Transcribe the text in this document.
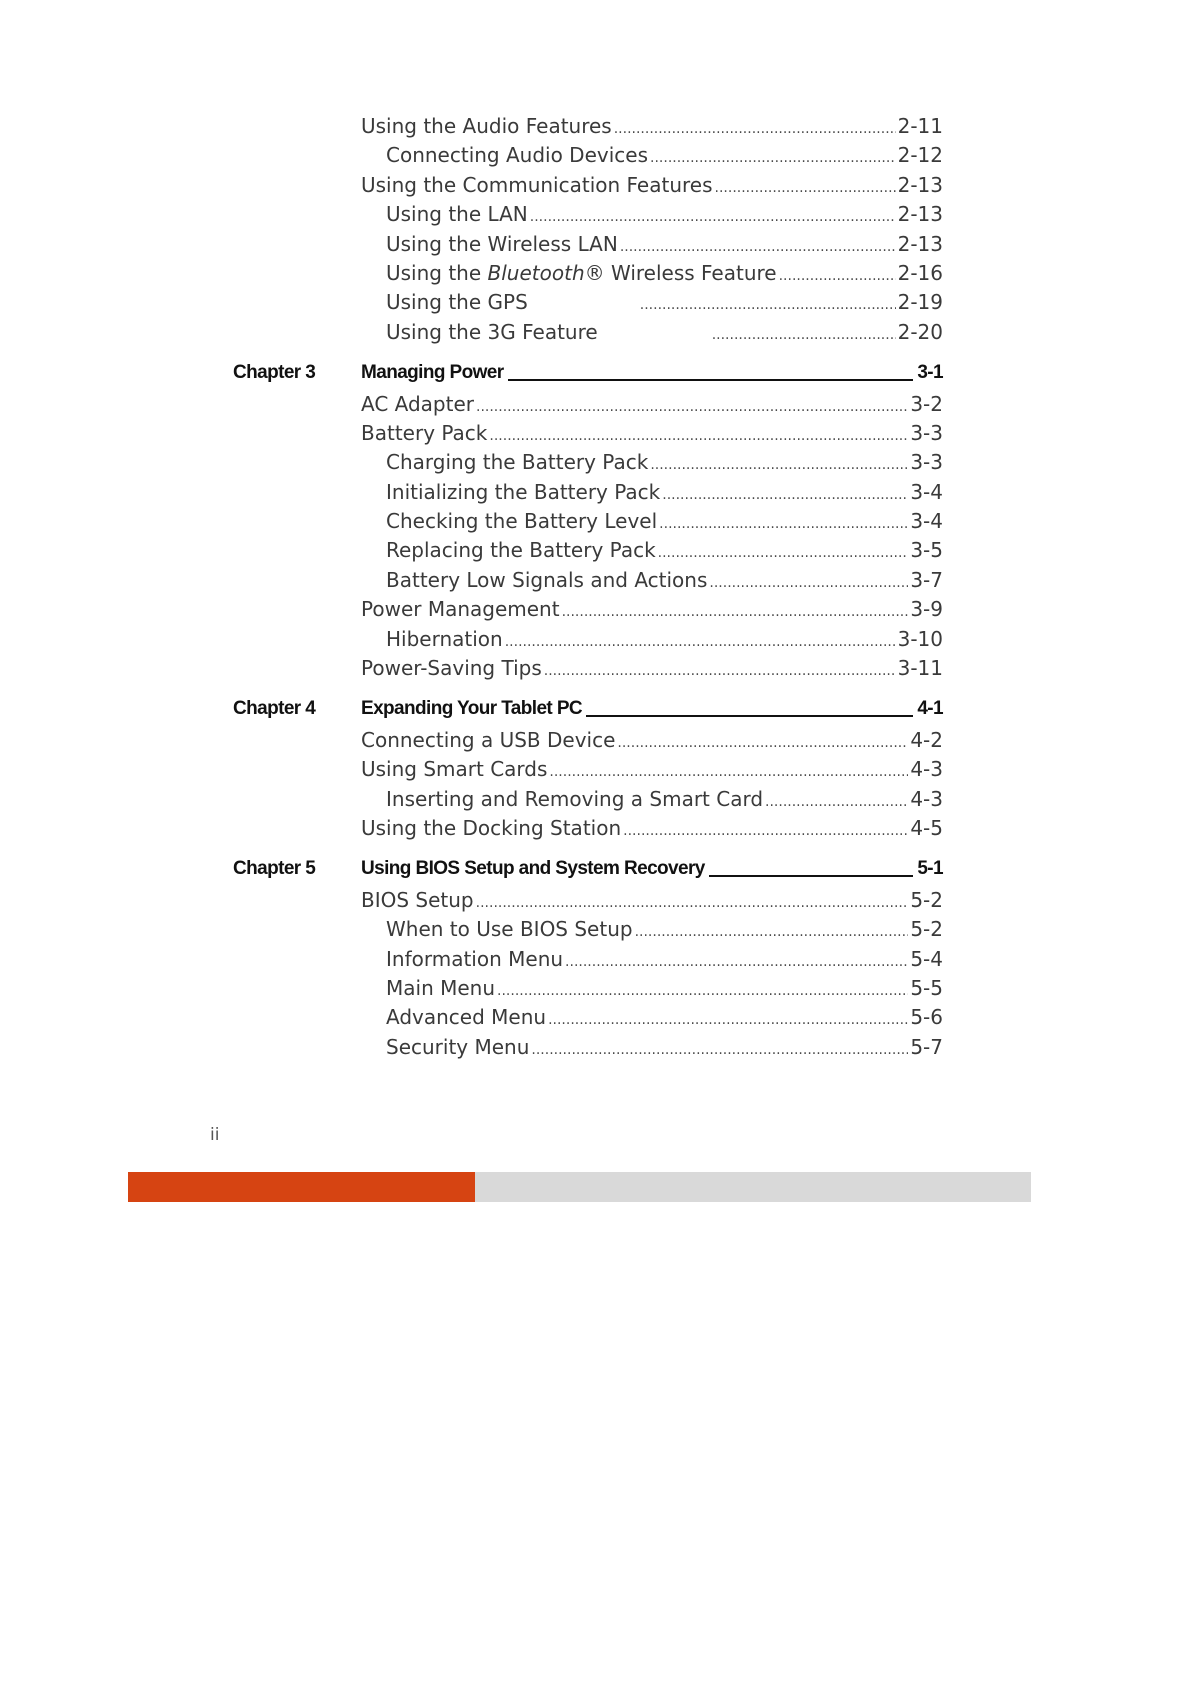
Using the Audio Features .....	2-11
Connecting Audio Devices .....	2-12
Using the Communication Features .....	2-13
Using the LAN .....	2-13
Using the Wireless LAN .....	2-13
Using the Bluetooth® Wireless Feature .....	2-16
Using the GPS .....	2-19
Using the 3G Feature .....	2-20
Chapter 3 Managing Power	3-1
AC Adapter .....	3-2
Battery Pack .....	3-3
Charging the Battery Pack .....	3-3
Initializing the Battery Pack .....	3-4
Checking the Battery Level .....	3-4
Replacing the Battery Pack .....	3-5
Battery Low Signals and Actions .....	3-7
Power Management .....	3-9
Hibernation .....	3-10
Power-Saving Tips .....	3-11
Chapter 4 Expanding Your Tablet PC	4-1
Connecting a USB Device .....	4-2
Using Smart Cards .....	4-3
Inserting and Removing a Smart Card .....	4-3
Using the Docking Station .....	4-5
Chapter 5 Using BIOS Setup and System Recovery	5-1
BIOS Setup .....	5-2
When to Use BIOS Setup .....	5-2
Information Menu .....	5-4
Main Menu .....	5-5
Advanced Menu .....	5-6
Security Menu .....	5-7
ii
